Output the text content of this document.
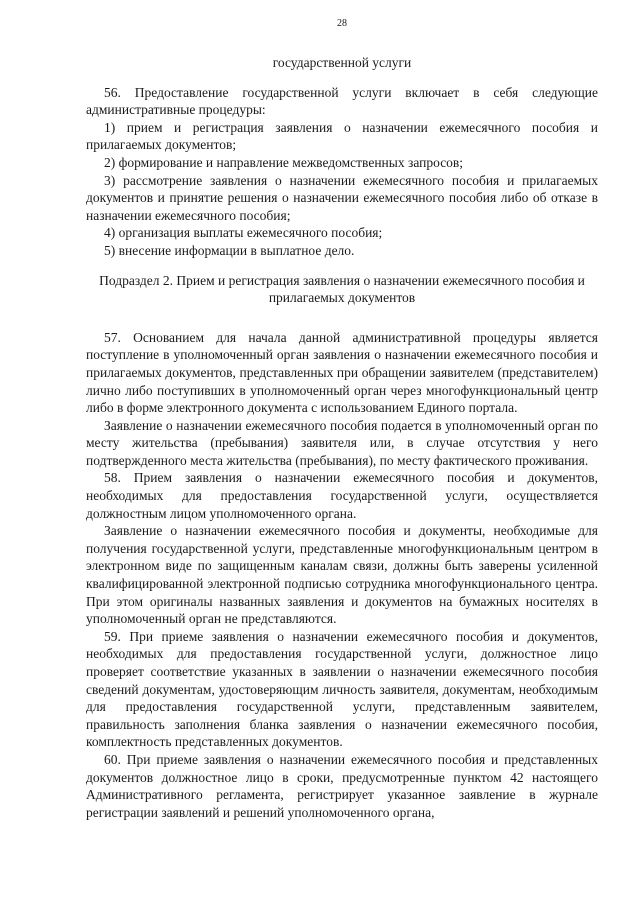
28
государственной услуги

56. Предоставление государственной услуги включает в себя следующие административные процедуры:

1) прием и регистрация заявления о назначении ежемесячного пособия и прилагаемых документов;

2) формирование и направление межведомственных запросов;

3) рассмотрение заявления о назначении ежемесячного пособия и прилагаемых документов и принятие решения о назначении ежемесячного пособия либо об отказе в назначении ежемесячного пособия;

4) организация выплаты ежемесячного пособия;

5) внесение информации в выплатное дело.

Подраздел 2. Прием и регистрация заявления о назначении ежемесячного пособия и прилагаемых документов

57. Основанием для начала данной административной процедуры является поступление в уполномоченный орган заявления о назначении ежемесячного пособия и прилагаемых документов, представленных при обращении заявителем (представителем) лично либо поступивших в уполномоченный орган через многофункциональный центр либо в форме электронного документа с использованием Единого портала.

Заявление о назначении ежемесячного пособия подается в уполномоченный орган по месту жительства (пребывания) заявителя или, в случае отсутствия у него подтвержденного места жительства (пребывания), по месту фактического проживания.

58. Прием заявления о назначении ежемесячного пособия и документов, необходимых для предоставления государственной услуги, осуществляется должностным лицом уполномоченного органа.

Заявление о назначении ежемесячного пособия и документы, необходимые для получения государственной услуги, представленные многофункциональным центром в электронном виде по защищенным каналам связи, должны быть заверены усиленной квалифицированной электронной подписью сотрудника многофункционального центра. При этом оригиналы названных заявления и документов на бумажных носителях в уполномоченный орган не представляются.

59. При приеме заявления о назначении ежемесячного пособия и документов, необходимых для предоставления государственной услуги, должностное лицо проверяет соответствие указанных в заявлении о назначении ежемесячного пособия сведений документам, удостоверяющим личность заявителя, документам, необходимым для предоставления государственной услуги, представленным заявителем, правильность заполнения бланка заявления о назначении ежемесячного пособия, комплектность представленных документов.

60. При приеме заявления о назначении ежемесячного пособия и представленных документов должностное лицо в сроки, предусмотренные пунктом 42 настоящего Административного регламента, регистрирует указанное заявление в журнале регистрации заявлений и решений уполномоченного органа,
